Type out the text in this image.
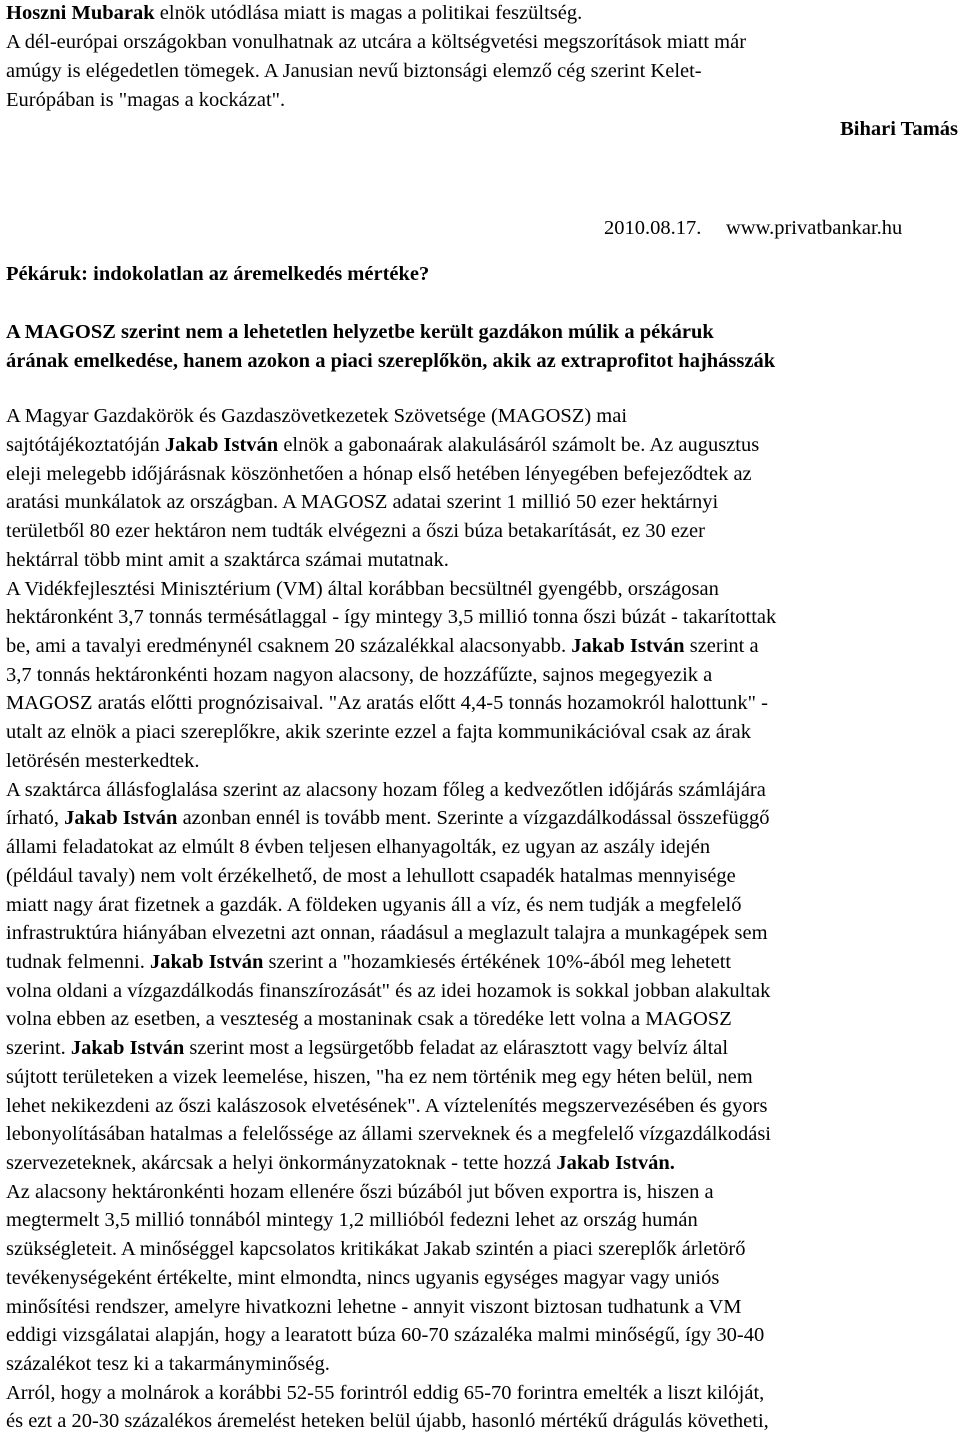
Hoszni Mubarak elnök utódlása miatt is magas a politikai feszültség.
A dél-európai országokban vonulhatnak az utcára a költségvetési megszorítások miatt már
amúgy is elégedetlen tömegek. A Janusian nevű biztonsági elemző cég szerint Kelet-
Európában is "magas a kockázat".
Bihari Tamás
2010.08.17. www.privatbankar.hu
Pékáruk: indokolatlan az áremelkedés mértéke?
A MAGOSZ szerint nem a lehetetlen helyzetbe került gazdákon múlik a pékáruk
árának emelkedése, hanem azokon a piaci szereplőkön, akik az extraprofitot hajhásszák
A Magyar Gazdakörök és Gazdaszövetkezetek Szövetsége (MAGOSZ) mai
sajtótájékoztatóján Jakab István elnök a gabonaárak alakulásáról számolt be. Az augusztus
eleji melegebb időjárásnak köszönhetően a hónap első hetében lényegében befejeződtek az
aratási munkálatok az országban. A MAGOSZ adatai szerint 1 millió 50 ezer hektárnyi
területből 80 ezer hektáron nem tudták elvégezni a őszi búza betakarítását, ez 30 ezer
hektárral több mint amit a szaktárca számai mutatnak.
A Vidékfejlesztési Minisztérium (VM) által korábban becsültnél gyengébb, országosan
hektáronként 3,7 tonnás termésátlaggal - így mintegy 3,5 millió tonna őszi búzát - takarítottak
be, ami a tavalyi eredménynél csaknem 20 százalékkal alacsonyabb. Jakab István szerint a
3,7 tonnás hektáronkénti hozam nagyon alacsony, de hozzáfűzte, sajnos megegyezik a
MAGOSZ aratás előtti prognózisaival. "Az aratás előtt 4,4-5 tonnás hozamokról halottunk" -
utalt az elnök a piaci szereplőkre, akik szerinte ezzel a fajta kommunikációval csak az árak
letörésén mesterkedtek.
A szaktárca állásfoglalása szerint az alacsony hozam főleg a kedvezőtlen időjárás számlájára
írható, Jakab István azonban ennél is tovább ment. Szerinte a vízgazdálkodással összefüggő
állami feladatokat az elmúlt 8 évben teljesen elhanyagolták, ez ugyan az aszály idején
(például tavaly) nem volt érzékelhető, de most a lehullott csapadék hatalmas mennyisége
miatt nagy árat fizetnek a gazdák. A földeken ugyanis áll a víz, és nem tudják a megfelelő
infrastruktúra hiányában elvezetni azt onnan, ráadásul a meglazult talajra a munkagépek sem
tudnak felmenni. Jakab István szerint a "hozamkiesés értékének 10%-ából meg lehetett
volna oldani a vízgazdálkodás finanszírozását" és az idei hozamok is sokkal jobban alakultak
volna ebben az esetben, a veszteség a mostaninak csak a töredéke lett volna a MAGOSZ
szerint. Jakab István szerint most a legsürgetőbb feladat az elárasztott vagy belvíz által
sújtott területeken a vizek leemelése, hiszen, "ha ez nem történik meg egy héten belül, nem
lehet nekikezdeni az őszi kalászosok elvetésének". A víztelenítés megszervezésében és gyors
lebonyolításában hatalmas a felelőssége az állami szerveknek és a megfelelő vízgazdálkodási
szervezeteknek, akárcsak a helyi önkormányzatoknak - tette hozzá Jakab István.
Az alacsony hektáronkénti hozam ellenére őszi búzából jut bőven exportra is, hiszen a
megtermelt 3,5 millió tonnából mintegy 1,2 millióból fedezni lehet az ország humán
szükségleteit. A minőséggel kapcsolatos kritikákat Jakab szintén a piaci szereplők árletörő
tevékenységeként értékelte, mint elmondta, nincs ugyanis egységes magyar vagy uniós
minősítési rendszer, amelyre hivatkozni lehetne - annyit viszont biztosan tudhatunk a VM
eddigi vizsgálatai alapján, hogy a learatott búza 60-70 százaléka malmi minőségű, így 30-40
százalékot tesz ki a takarmányminőség.
Arról, hogy a molnárok a korábbi 52-55 forintról eddig 65-70 forintra emelték a liszt kilóját,
és ezt a 20-30 százalékos áremelést heteken belül újabb, hasonló mértékű drágulás követheti,
